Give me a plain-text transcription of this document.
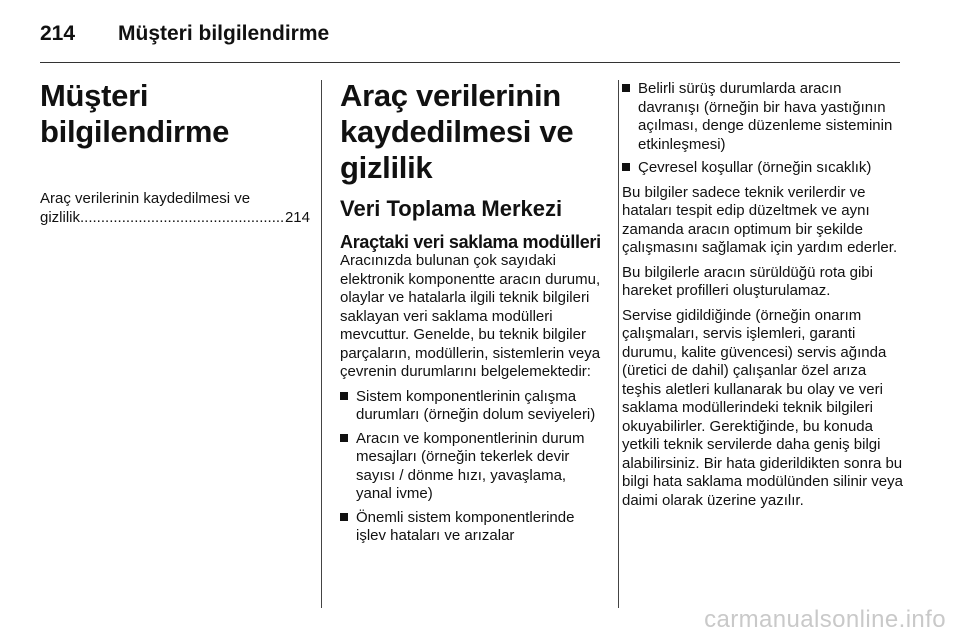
214 Müşteri bilgilendirme
Müşteri bilgilendirme
Araç verilerinin kaydedilmesi ve
gizlilik
.....	214
Araç verilerinin kaydedilmesi ve gizlilik
Veri Toplama Merkezi
Araçtaki veri saklama modülleri

Aracınızda bulunan çok sayıdaki elektronik komponentte aracın durumu, olaylar ve hatalarla ilgili teknik bilgileri saklayan veri saklama modülleri mevcuttur. Genelde, bu teknik bilgiler parçaların, modüllerin, sistemlerin veya çevrenin durumlarını belgelemektedir:

Sistem komponentlerinin çalışma durumları (örneğin dolum seviyeleri)
Aracın ve komponentlerinin durum mesajları (örneğin tekerlek devir sayısı / dönme hızı, yavaşlama, yanal ivme)
Önemli sistem komponentlerinde işlev hataları ve arızalar
Belirli sürüş durumlarda aracın davranışı (örneğin bir hava yastığının açılması, denge düzenleme sisteminin etkinleşmesi)
Çevresel koşullar (örneğin sıcaklık)

Bu bilgiler sadece teknik verilerdir ve hataları tespit edip düzeltmek ve aynı zamanda aracın optimum bir şekilde çalışmasını sağlamak için yardım ederler.

Bu bilgilerle aracın sürüldüğü rota gibi hareket profilleri oluşturulamaz.

Servise gidildiğinde (örneğin onarım çalışmaları, servis işlemleri, garanti durumu, kalite güvencesi) servis ağında (üretici de dahil) çalışanlar özel arıza teşhis aletleri kullanarak bu olay ve veri saklama modüllerindeki teknik bilgileri okuyabilirler. Gerektiğinde, bu konuda yetkili teknik servilerde daha geniş bilgi alabilirsiniz. Bir hata giderildikten sonra bu bilgi hata saklama modülünden silinir veya daimi olarak üzerine yazılır.

carmanualsonline.info
